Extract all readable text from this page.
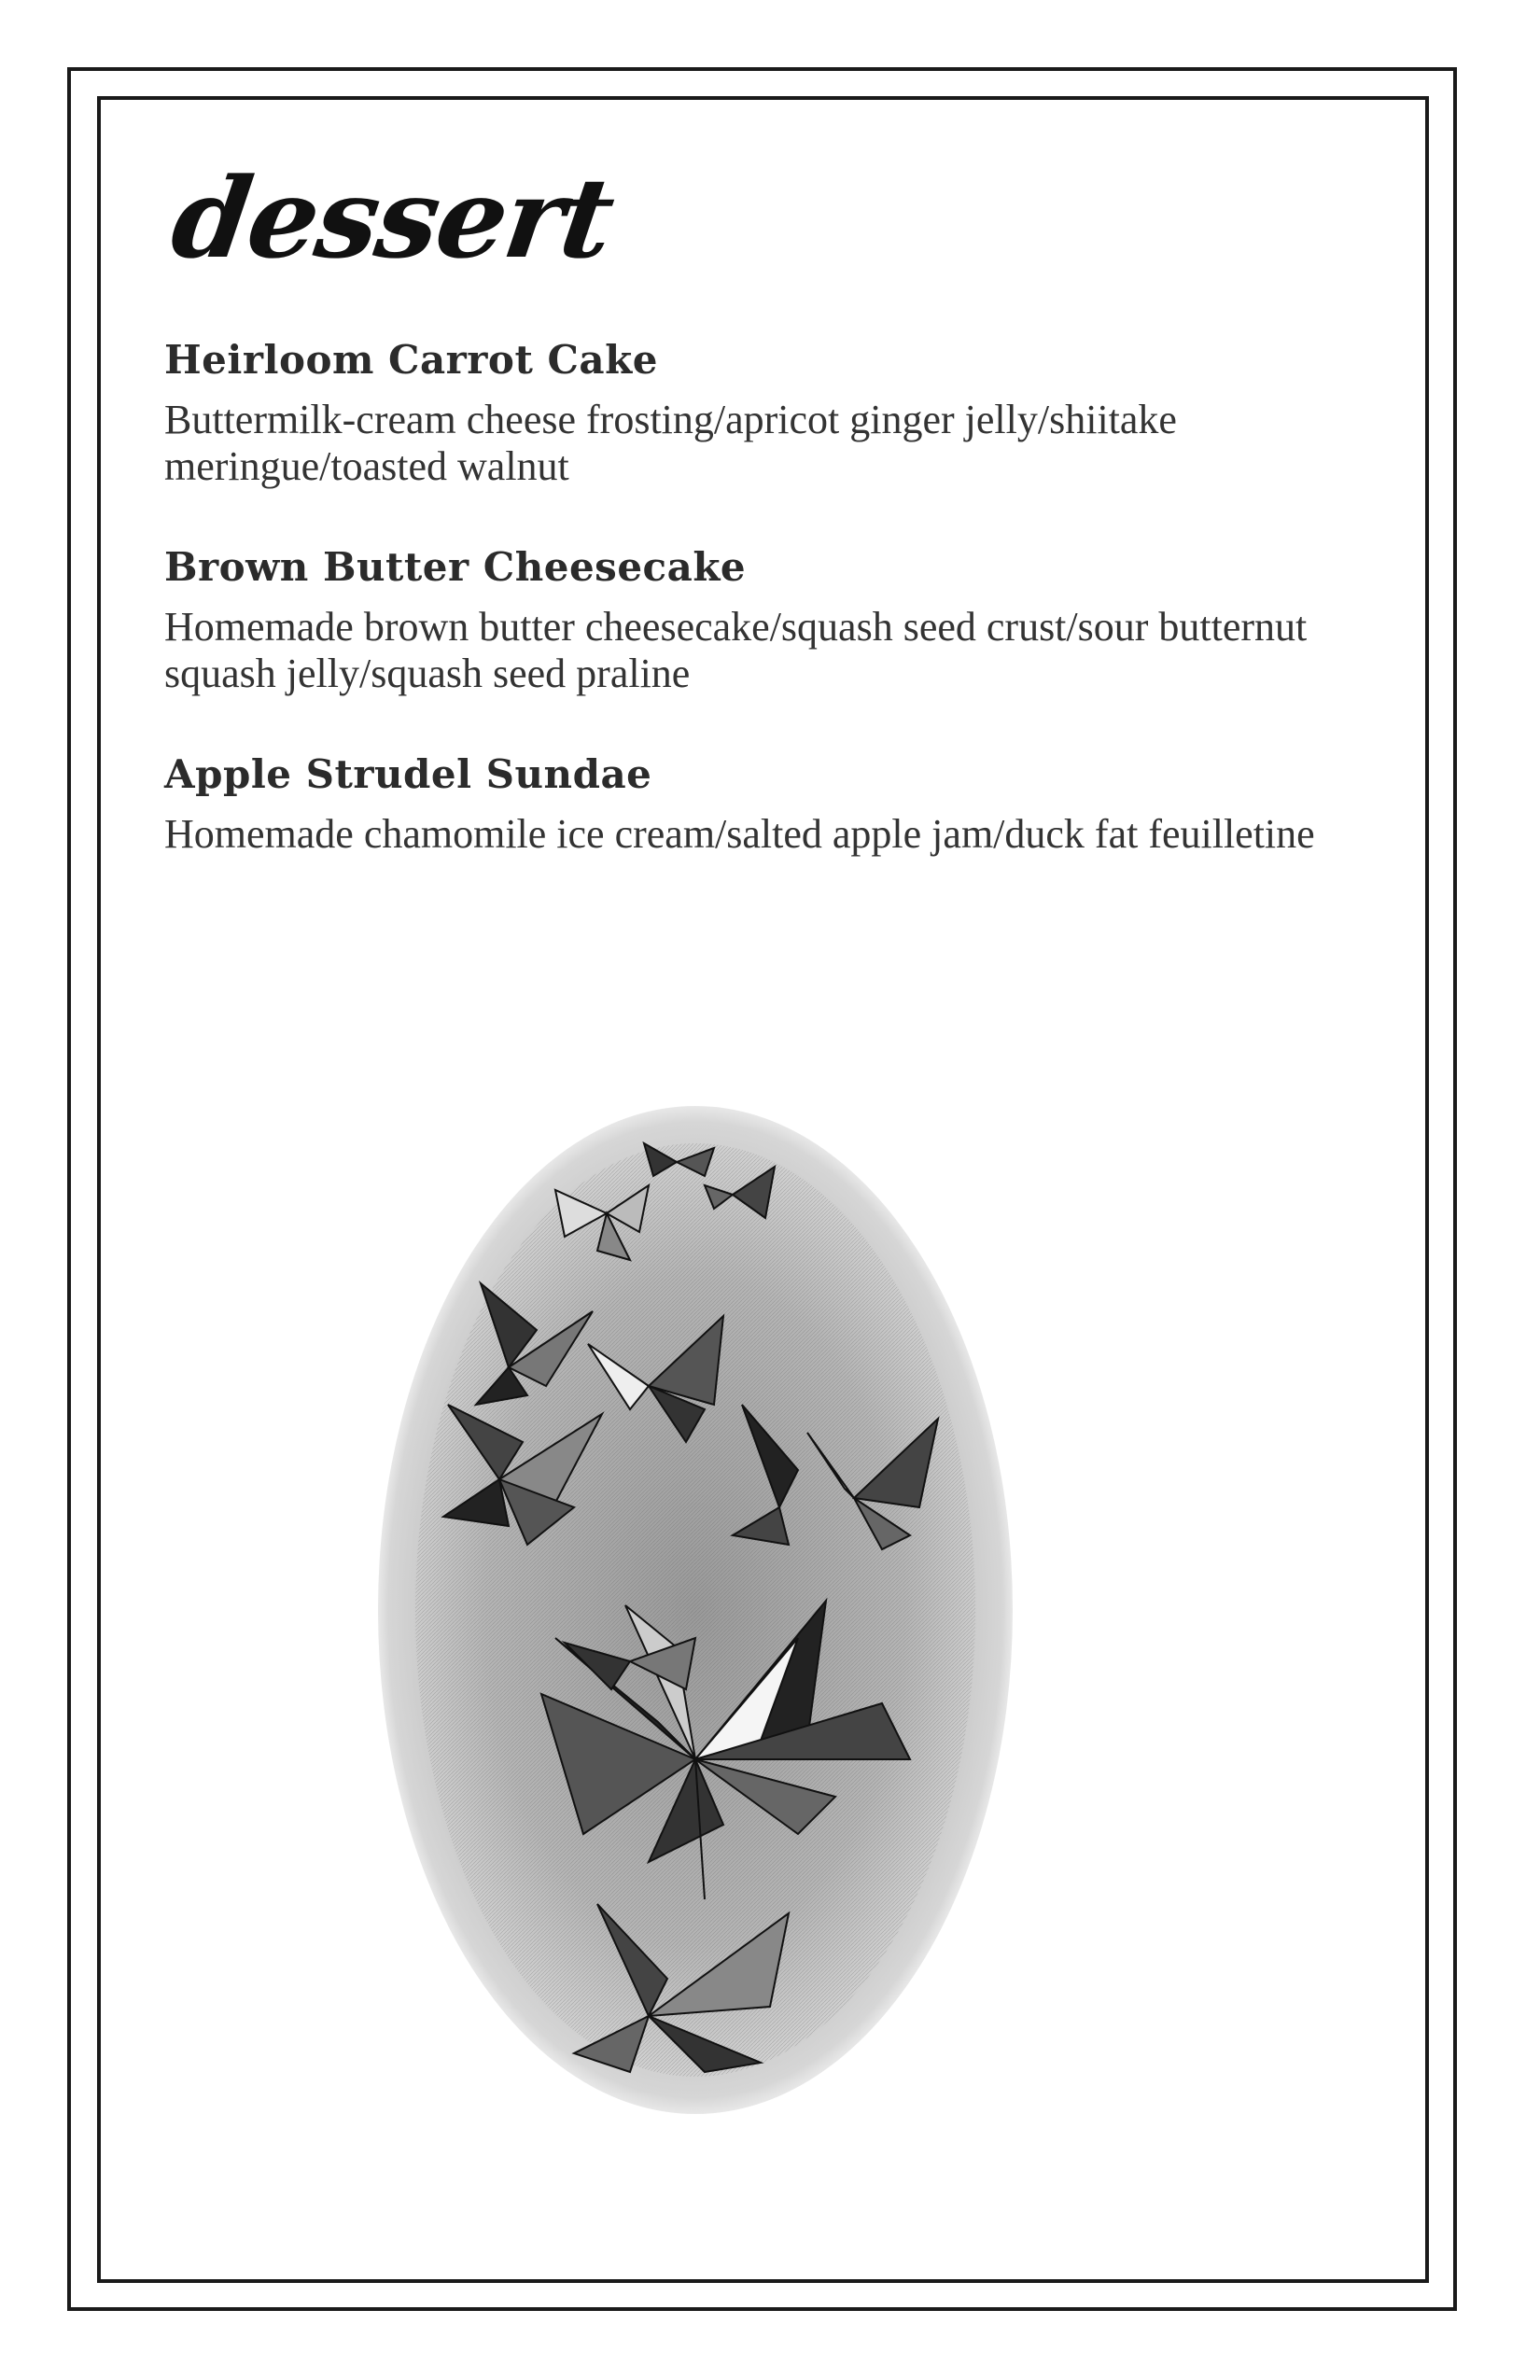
dessert
Heirloom Carrot Cake
Buttermilk-cream cheese frosting/apricot ginger jelly/shiitake meringue/toasted walnut
Brown Butter Cheesecake
Homemade brown butter cheesecake/squash seed crust/sour butternut squash jelly/squash seed praline
Apple Strudel Sundae
Homemade chamomile ice cream/salted apple jam/duck fat feuilletine
